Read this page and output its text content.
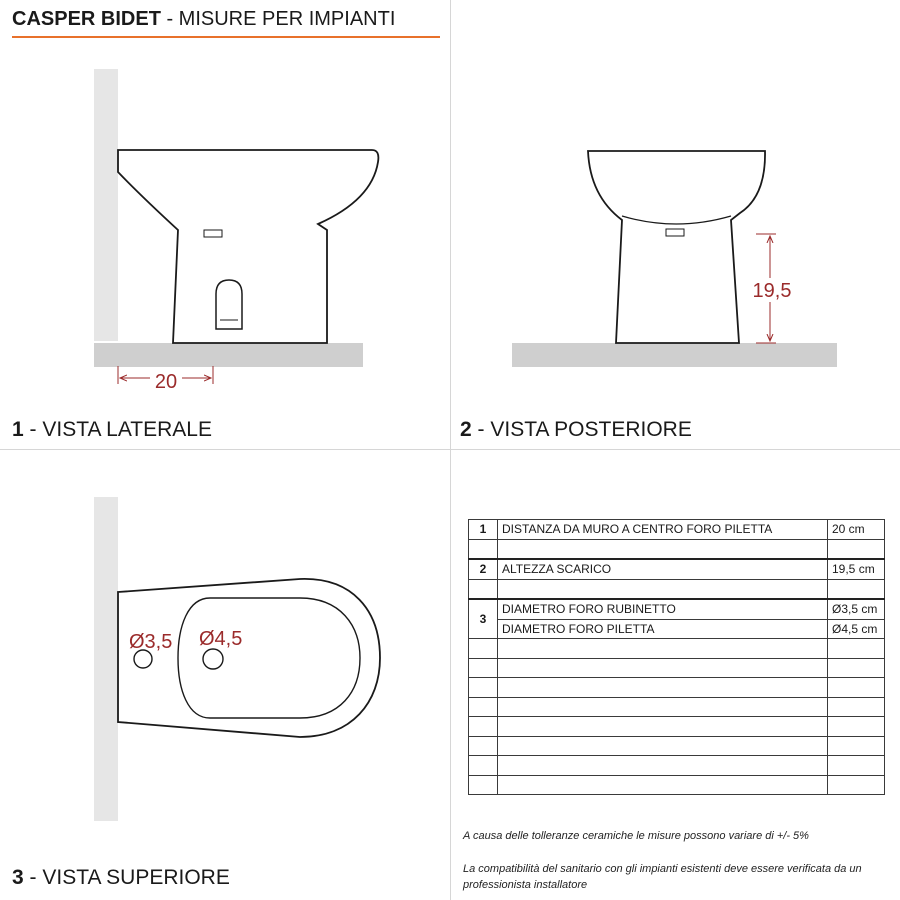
CASPER BIDET - MISURE PER IMPIANTI
20
19,5
Ø3,5 Ø4,5
1 - VISTA LATERALE	2 - VISTA POSTERIORE
3 - VISTA SUPERIORE
1	DISTANZA DA MURO A CENTRO FORO PILETTA	20 cm

2	ALTEZZA SCARICO	19,5 cm

3	DIAMETRO FORO RUBINETTO	Ø3,5 cm
	DIAMETRO FORO PILETTA	Ø4,5 cm

A causa delle tolleranze ceramiche le misure possono variare di +/- 5%
La compatibilità del sanitario con gli impianti esistenti deve essere verificata da un professionista installatore
